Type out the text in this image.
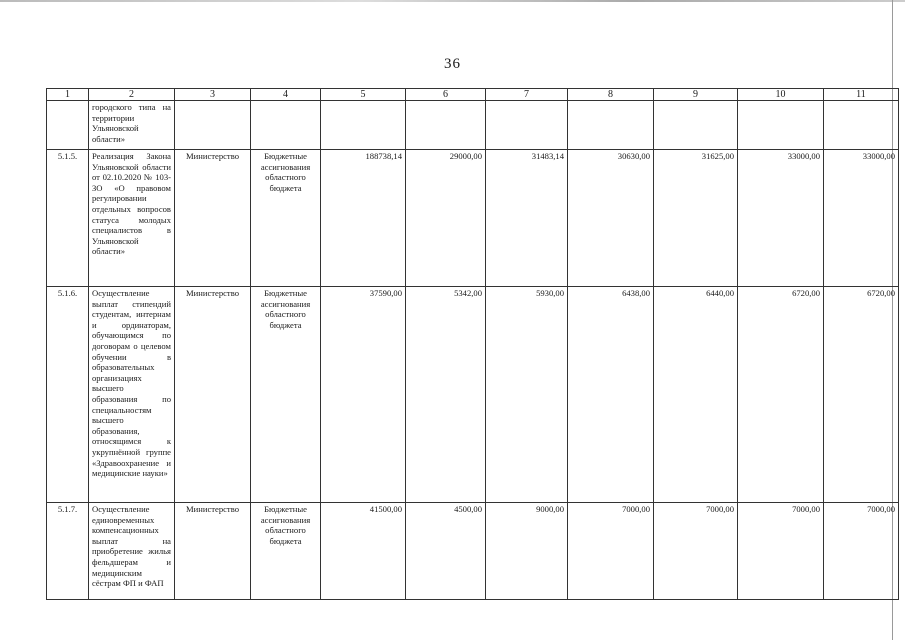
36
1	2	3	4	5	6	7	8	9	10	11
	городского типа на территории Ульяновской области»									
5.1.5.	Реализация Закона Ульяновской области от 02.10.2020 № 103-ЗО «О правовом регулировании отдельных вопросов статуса молодых специалистов в Ульяновской области»	Министерство	Бюджетные ассигнования областного бюджета	188738,14	29000,00	31483,14	30630,00	31625,00	33000,00	33000,00
5.1.6.	Осуществление выплат стипендий студентам, интернам и ординаторам, обучающимся по договорам о целевом обучении в образовательных организациях высшего образования по специальностям высшего образования, относящимся к укрупнённой группе «Здравоохранение и медицинские науки»	Министерство	Бюджетные ассигнования областного бюджета	37590,00	5342,00	5930,00	6438,00	6440,00	6720,00	6720,00
5.1.7.	Осуществление единовременных компенсационных выплат на приобретение жилья фельдшерам и медицинским сёстрам ФП и ФАП	Министерство	Бюджетные ассигнования областного бюджета	41500,00	4500,00	9000,00	7000,00	7000,00	7000,00	7000,00
